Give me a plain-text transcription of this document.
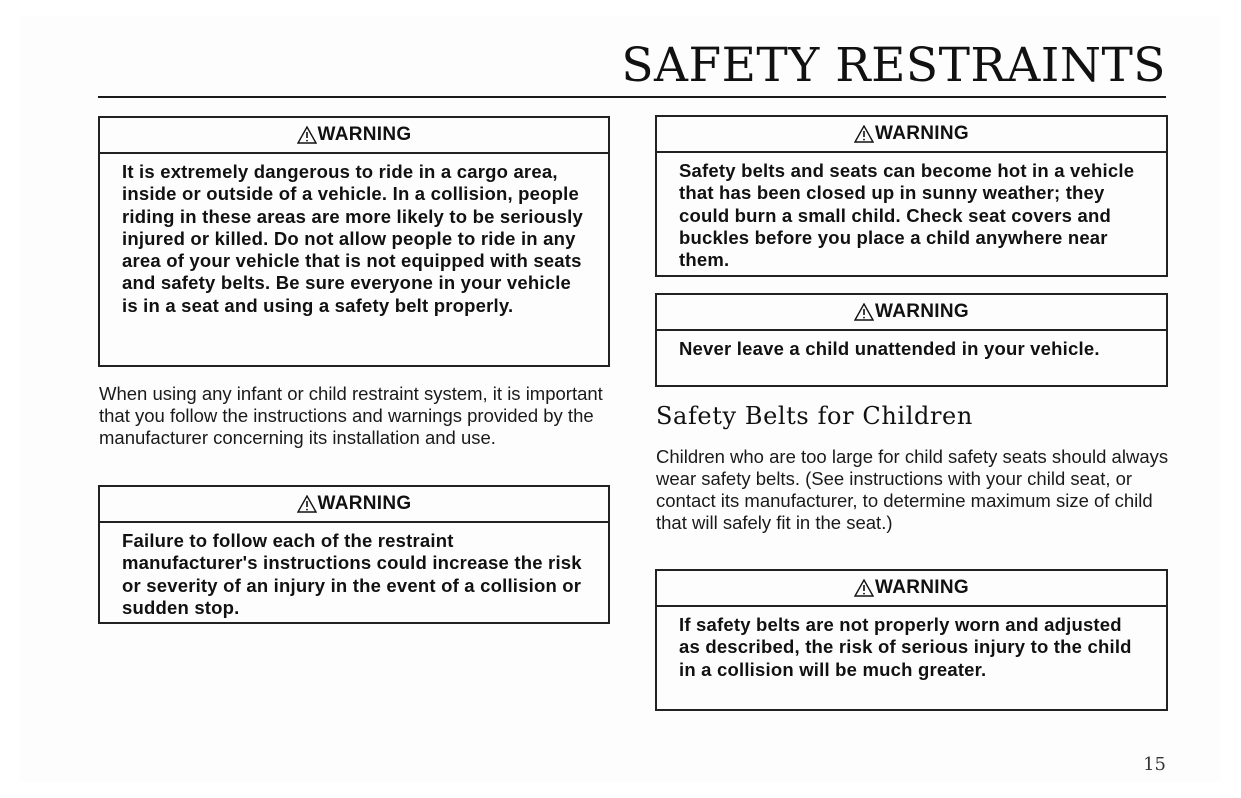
SAFETY RESTRAINTS
WARNING
It is extremely dangerous to ride in a cargo area, inside or outside of a vehicle. In a collision, people riding in these areas are more likely to be seriously injured or killed. Do not allow people to ride in any area of your vehicle that is not equipped with seats and safety belts. Be sure everyone in your vehicle is in a seat and using a safety belt properly.

When using any infant or child restraint system, it is important that you follow the instructions and warnings provided by the manufacturer concerning its installation and use.

WARNING
Failure to follow each of the restraint manufacturer's instructions could increase the risk or severity of an injury in the event of a collision or sudden stop.
WARNING
Safety belts and seats can become hot in a vehicle that has been closed up in sunny weather; they could burn a small child. Check seat covers and buckles before you place a child anywhere near them.
WARNING
Never leave a child unattended in your vehicle.
Safety Belts for Children

Children who are too large for child safety seats should always wear safety belts. (See instructions with your child seat, or contact its manufacturer, to determine maximum size of child that will safely fit in the seat.)

WARNING
If safety belts are not properly worn and adjusted as described, the risk of serious injury to the child in a collision will be much greater.
15
